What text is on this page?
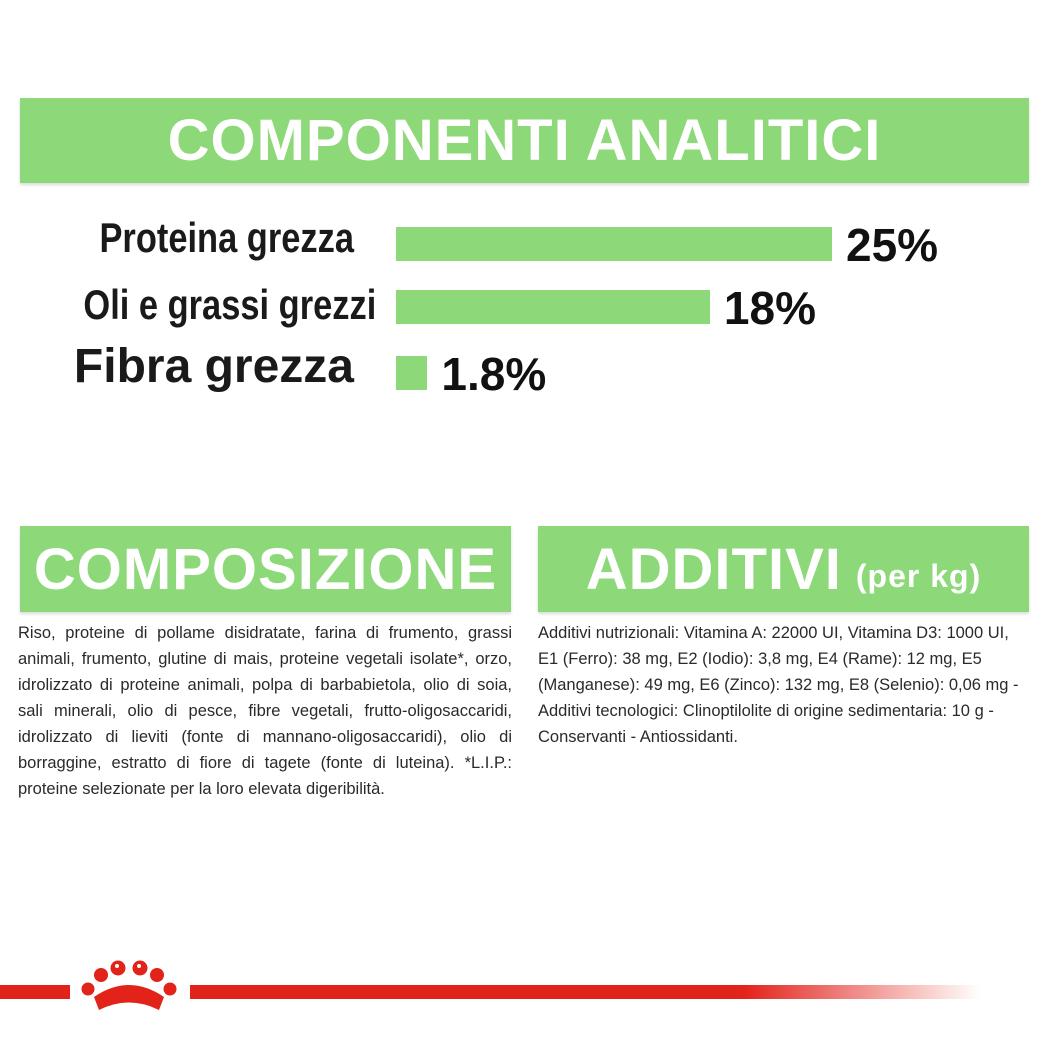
COMPONENTI ANALITICI
Proteina grezza	25%
Oli e grassi grezzi	18%
Fibra grezza 1.8%
COMPOSIZIONE ADDITIVI (per kg)
Riso, proteine di pollame disidratate, farina di frumento, grassi animali, frumento, glutine di mais, proteine vegetali isolate*, orzo, idrolizzato di proteine animali, polpa di barbabietola, olio di soia, sali minerali, olio di pesce, fibre vegetali, frutto-oligosaccaridi, idrolizzato di lieviti (fonte di mannano-oligosaccaridi), olio di borraggine, estratto di fiore di tagete (fonte di luteina). *L.I.P.: proteine selezionate per la loro elevata digeribilità.
Additivi nutrizionali: Vitamina A: 22000 UI, Vitamina D3: 1000 UI, E1 (Ferro): 38 mg, E2 (Iodio): 3,8 mg, E4 (Rame): 12 mg, E5 (Manganese): 49 mg, E6 (Zinco): 132 mg, E8 (Selenio): 0,06 mg - Additivi tecnologici: Clinoptilolite di origine sedimentaria: 10 g - Conservanti - Antiossidanti.
